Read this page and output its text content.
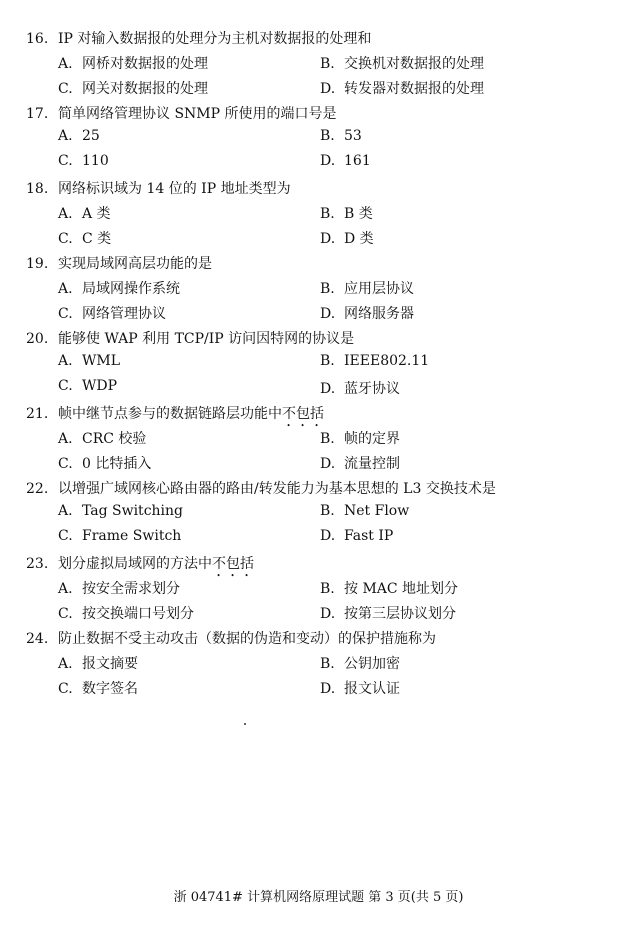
16. IP 对输入数据报的处理分为主机对数据报的处理和
A. 网桥对数据报的处理	B. 交换机对数据报的处理
C. 网关对数据报的处理	D. 转发器对数据报的处理
17. 简单网络管理协议 SNMP 所使用的端口号是
A. 25	B. 53
C. 110	D. 161
18. 网络标识域为 14 位的 IP 地址类型为
A. A 类	B. B 类
C. C 类	D. D 类
19. 实现局域网高层功能的是
A. 局域网操作系统	B. 应用层协议
C. 网络管理协议	D. 网络服务器
20. 能够使 WAP 利用 TCP/IP 访问因特网的协议是
A. WML	B. IEEE802.11
C. WDP	D. 蓝牙协议
21. 帧中继节点参与的数据链路层功能中不包括
A. CRC 校验	B. 帧的定界
C. 0 比特插入	D. 流量控制
22. 以增强广域网核心路由器的路由/转发能力为基本思想的 L3 交换技术是
A. Tag Switching	B. Net Flow
C. Frame Switch	D. Fast IP
23. 划分虚拟局域网的方法中不包括
A. 按安全需求划分	B. 按 MAC 地址划分
C. 按交换端口号划分	D. 按第三层协议划分
24. 防止数据不受主动攻击（数据的伪造和变动）的保护措施称为
A. 报文摘要	B. 公钥加密
C. 数字签名	D. 报文认证
浙 04741# 计算机网络原理试题 第 3 页(共 5 页)
